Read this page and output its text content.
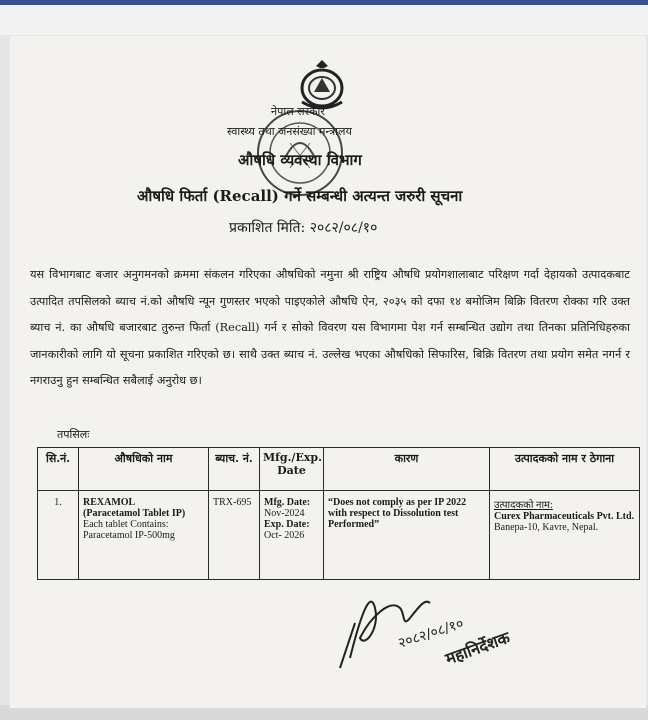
नेपाल सरकार
स्वास्थ्य तथा जनसंख्या मन्त्रालय
औषधि व्यवस्था विभाग
औषधि फिर्ता (Recall) गर्ने सम्बन्धी अत्यन्त जरुरी सूचना
प्रकाशित मिति: २०८२/०८/१०
यस विभागबाट बजार अनुगमनको क्रममा संकलन गरिएका औषधिको नमुना श्री राष्ट्रिय औषधि प्रयोगशालाबाट परिक्षण गर्दा देहायको उत्पादकबाट उत्पादित तपसिलको ब्याच नं.को औषधि न्यून गुणस्तर भएको पाइएकोले औषधि ऐन, २०३५ को दफा १४ बमोजिम बिक्रि वितरण रोक्का गरि उक्त ब्याच नं. का औषधि बजारबाट तुरुन्त फिर्ता (Recall) गर्न र सोको विवरण यस विभागमा पेश गर्न सम्बन्धित उद्योग तथा तिनका प्रतिनिधिहरुका जानकारीको लागि यो सूचना प्रकाशित गरिएको छ। साथै उक्त ब्याच नं. उल्लेख भएका औषधिको सिफारिस, बिक्रि वितरण तथा प्रयोग समेत नगर्न र नगराउनु हुन सम्बन्धित सबैलाई अनुरोध छ।
तपसिलः
सि.नं.	औषधिको नाम	ब्याच. नं.	Mfg./Exp. Date	कारण	उत्पादकको नाम र ठेगाना
1.	REXAMOL
(Paracetamol Tablet IP)
Each tablet Contains:
Paracetamol IP-500mg	TRX-695	Mfg. Date:
Nov-2024
Exp. Date:
Oct- 2026	“Does not comply as per IP 2022 with respect to Dissolution test Performed”	उत्पादकको नाम:
Curex Pharmaceuticals Pvt. Ltd.
Banepa-10, Kavre, Nepal.
२०८२/०८/१०
महानिर्देशक
